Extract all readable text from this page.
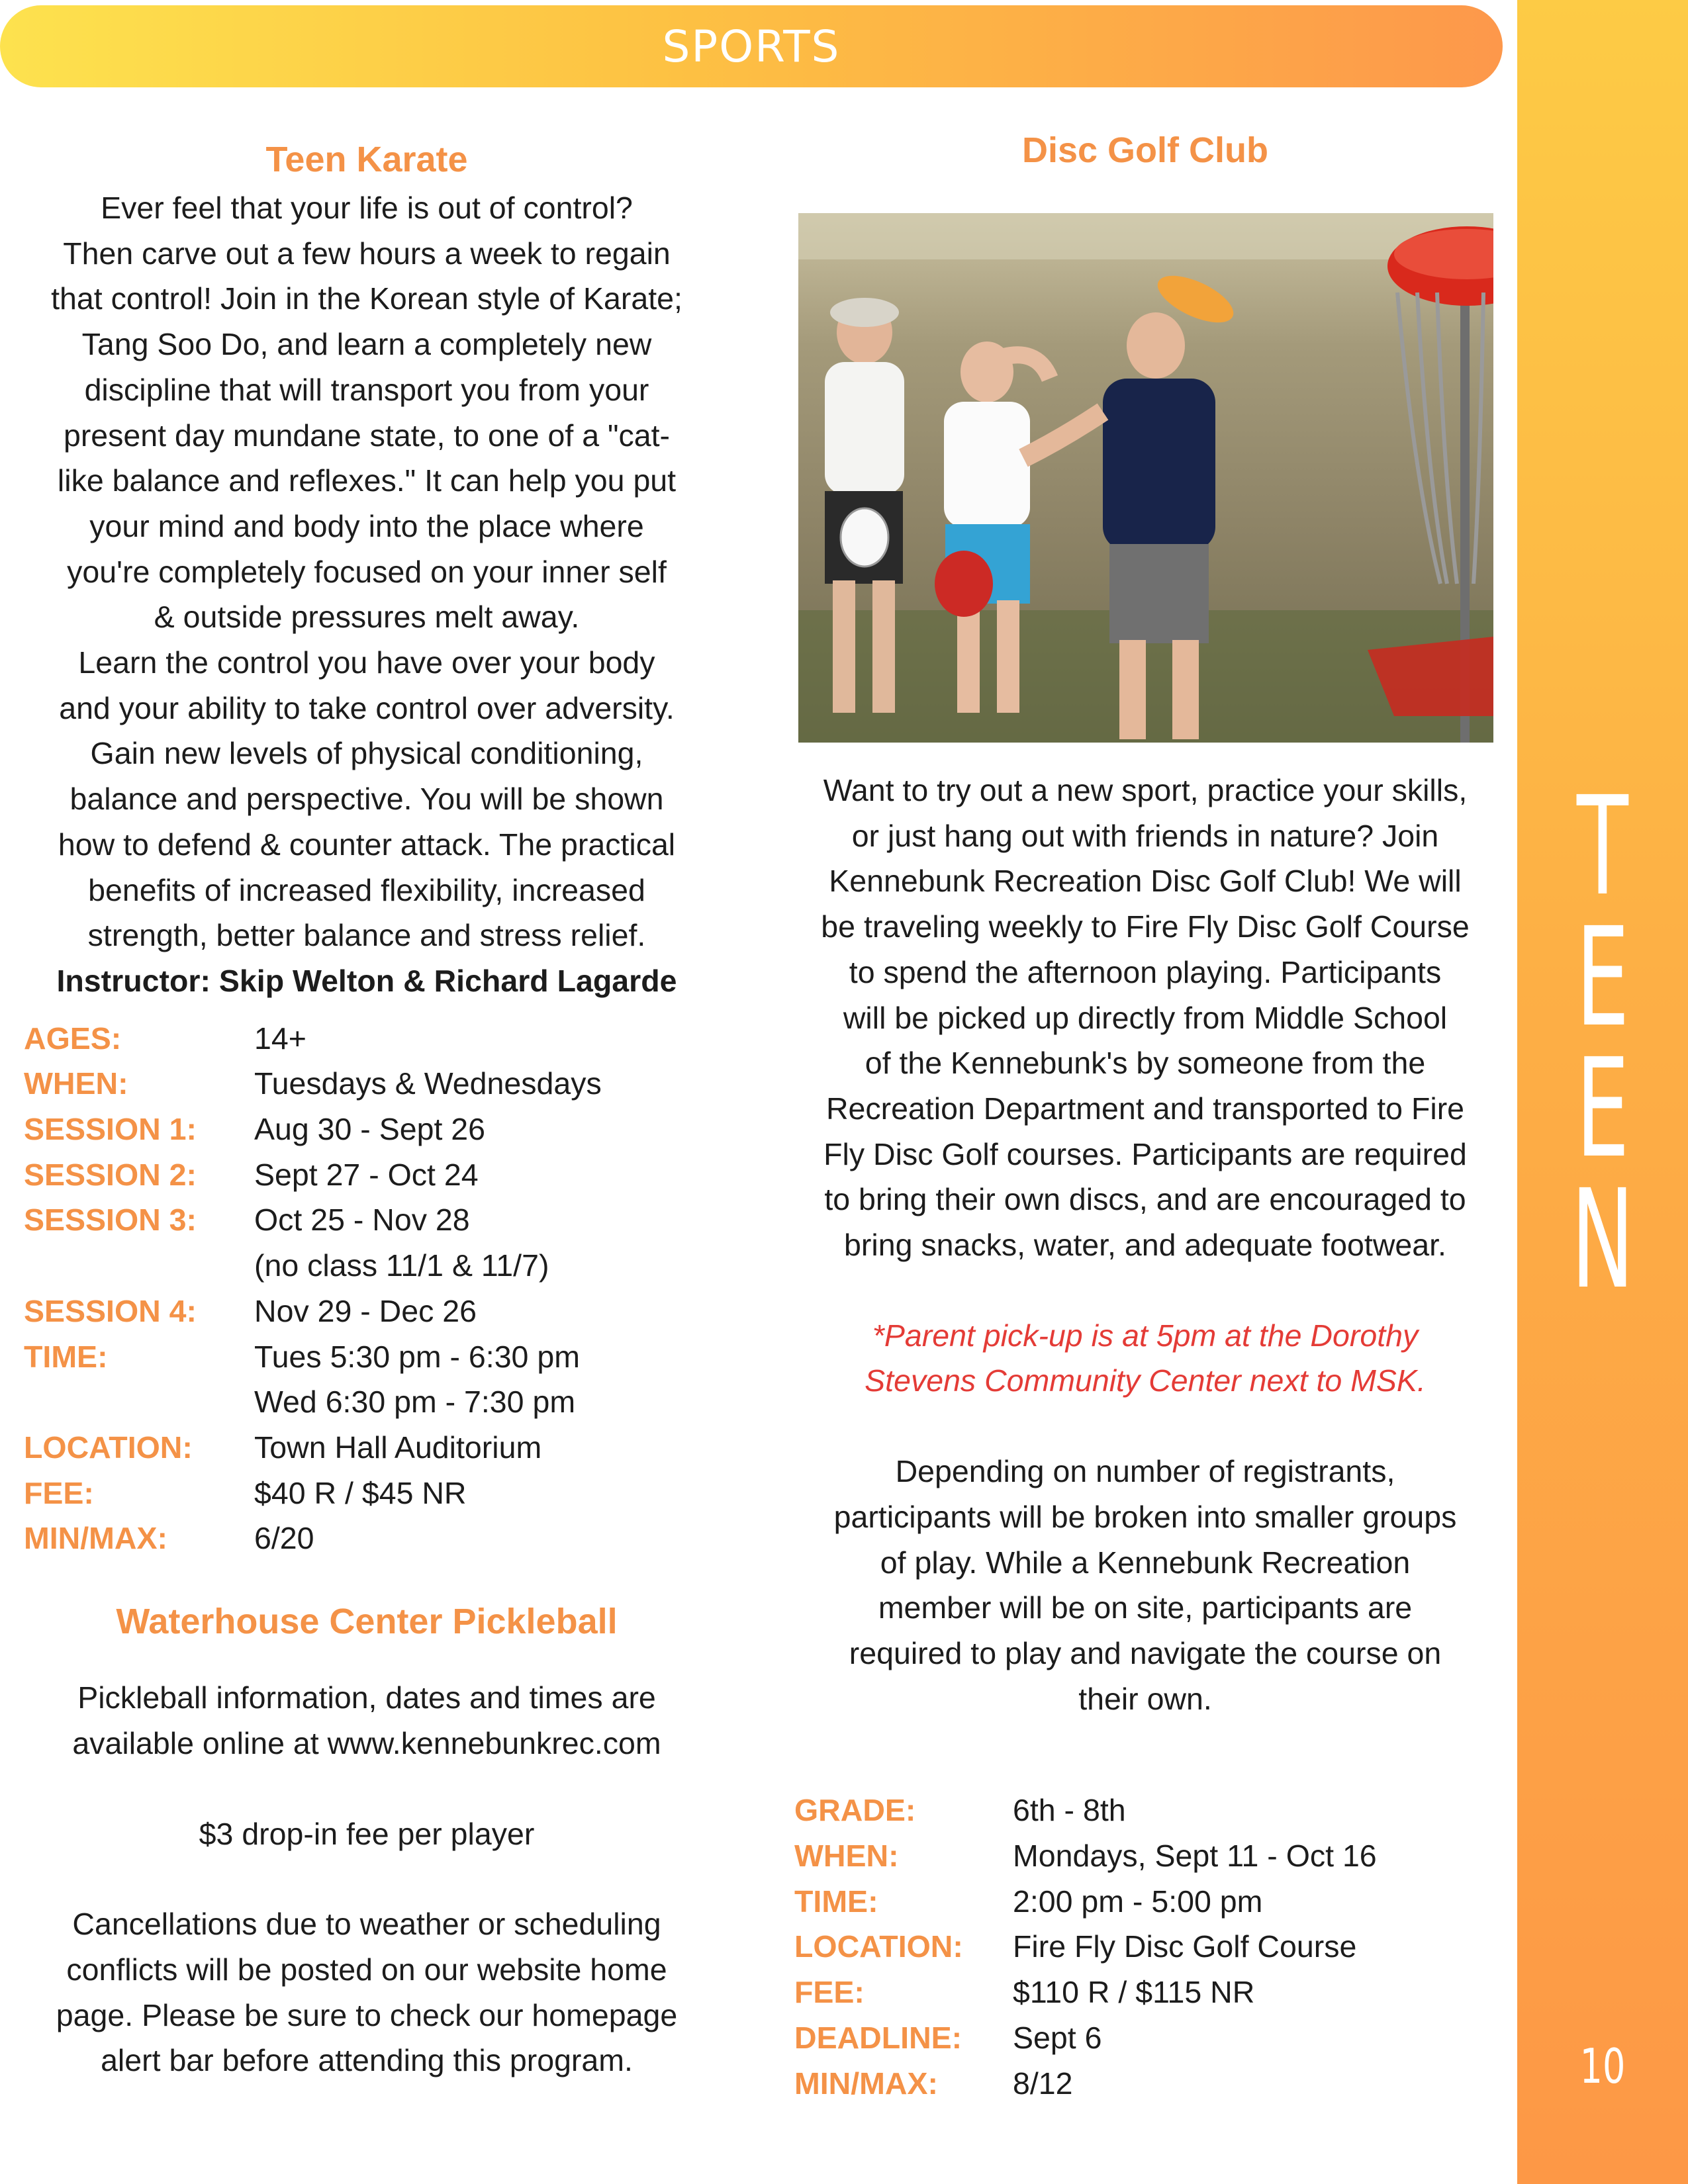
SPORTS
T
E
E
N
10
Teen Karate
Ever feel that your life is out of control?
Then carve out a few hours a week to regain
that control! Join in the Korean style of Karate;
Tang Soo Do, and learn a completely new
discipline that will transport you from your
present day mundane state, to one of a "cat-
like balance and reflexes." It can help you put
your mind and body into the place where
you're completely focused on your inner self
& outside pressures melt away.
Learn the control you have over your body
and your ability to take control over adversity.
Gain new levels of physical conditioning,
balance and perspective. You will be shown
how to defend & counter attack. The practical
benefits of increased flexibility, increased
strength, better balance and stress relief.
Instructor: Skip Welton & Richard Lagarde
AGES:	14+
WHEN:	Tuesdays & Wednesdays
SESSION 1:	Aug 30 - Sept 26
SESSION 2:	Sept 27 - Oct 24
SESSION 3:	Oct 25 - Nov 28
(no class 11/1 & 11/7)
SESSION 4:	Nov 29 - Dec 26
TIME:	Tues 5:30 pm - 6:30 pm
Wed 6:30 pm - 7:30 pm
LOCATION:	Town Hall Auditorium
FEE:	$40 R / $45 NR
MIN/MAX:	6/20
Waterhouse Center Pickleball
Pickleball information, dates and times are
available online at www.kennebunkrec.com
$3 drop-in fee per player
Cancellations due to weather or scheduling
conflicts will be posted on our website home
page. Please be sure to check our homepage
alert bar before attending this program.
Disc Golf Club
Want to try out a new sport, practice your skills,
or just hang out with friends in nature? Join
Kennebunk Recreation Disc Golf Club! We will
be traveling weekly to Fire Fly Disc Golf Course
to spend the afternoon playing. Participants
will be picked up directly from Middle School
of the Kennebunk's by someone from the
Recreation Department and transported to Fire
Fly Disc Golf courses. Participants are required
to bring their own discs, and are encouraged to
bring snacks, water, and adequate footwear.
*Parent pick-up is at 5pm at the Dorothy
Stevens Community Center next to MSK.
Depending on number of registrants,
participants will be broken into smaller groups
of play. While a Kennebunk Recreation
member will be on site, participants are
required to play and navigate the course on
their own.
GRADE:	6th - 8th
WHEN:	Mondays, Sept 11 - Oct 16
TIME:	2:00 pm - 5:00 pm
LOCATION:	Fire Fly Disc Golf Course
FEE:	$110 R / $115 NR
DEADLINE:	Sept 6
MIN/MAX:	8/12
